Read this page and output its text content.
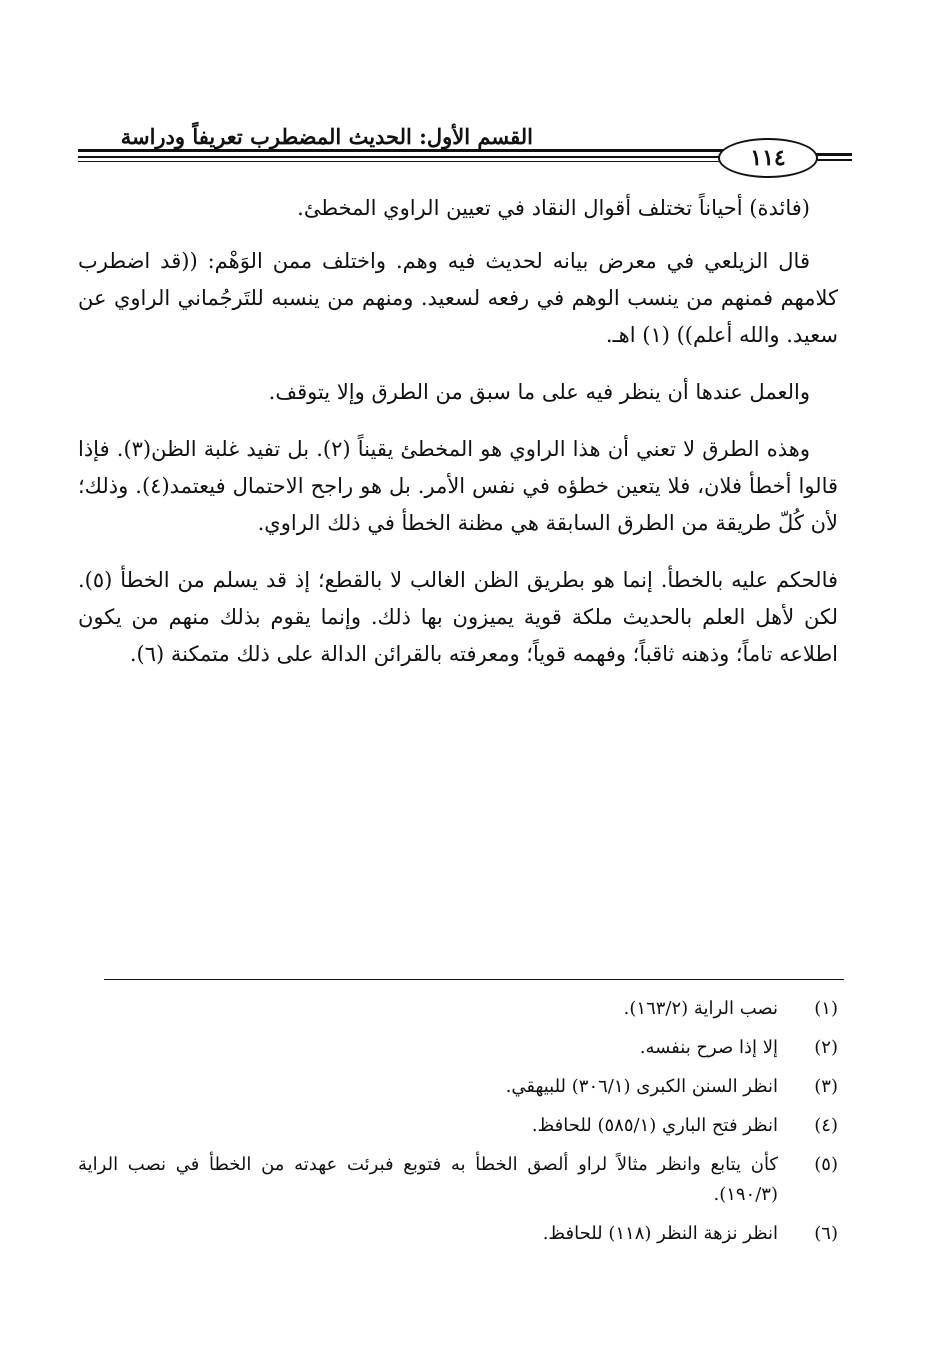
القسم الأول: الحديث المضطرب تعريفاً ودراسة
١١٤

(فائدة) أحياناً تختلف أقوال النقاد في تعيين الراوي المخطئ.

قال الزيلعي في معرض بيانه لحديث فيه وهم. واختلف ممن الوَهْم: ((قد اضطرب كلامهم فمنهم من ينسب الوهم في رفعه لسعيد. ومنهم من ينسبه للتَرجُماني الراوي عن سعيد. والله أعلم)) (١) اهـ.

والعمل عندها أن ينظر فيه على ما سبق من الطرق وإلا يتوقف.

وهذه الطرق لا تعني أن هذا الراوي هو المخطئ يقيناً (٢). بل تفيد غلبة الظن(٣). فإذا قالوا أخطأ فلان، فلا يتعين خطؤه في نفس الأمر. بل هو راجح الاحتمال فيعتمد(٤). وذلك؛ لأن كُلّ طريقة من الطرق السابقة هي مظنة الخطأ في ذلك الراوي.

فالحكم عليه بالخطأ. إنما هو بطريق الظن الغالب لا بالقطع؛ إذ قد يسلم من الخطأ (٥). لكن لأهل العلم بالحديث ملكة قوية يميزون بها ذلك. وإنما يقوم بذلك منهم من يكون اطلاعه تاماً؛ وذهنه ثاقباً؛ وفهمه قوياً؛ ومعرفته بالقرائن الدالة على ذلك متمكنة (٦).

(١)
نصب الراية (١٦٣/٢).
(٢)
إلا إذا صرح بنفسه.
(٣)
انظر السنن الكبرى (٣٠٦/١) للبيهقي.
(٤)
انظر فتح الباري (٥٨٥/١) للحافظ.
(٥)
كأن يتابع وانظر مثالاً لراو ألصق الخطأ به فتوبع فبرئت عهدته من الخطأ في نصب الراية (١٩٠/٣).
(٦)
انظر نزهة النظر (١١٨) للحافظ.
